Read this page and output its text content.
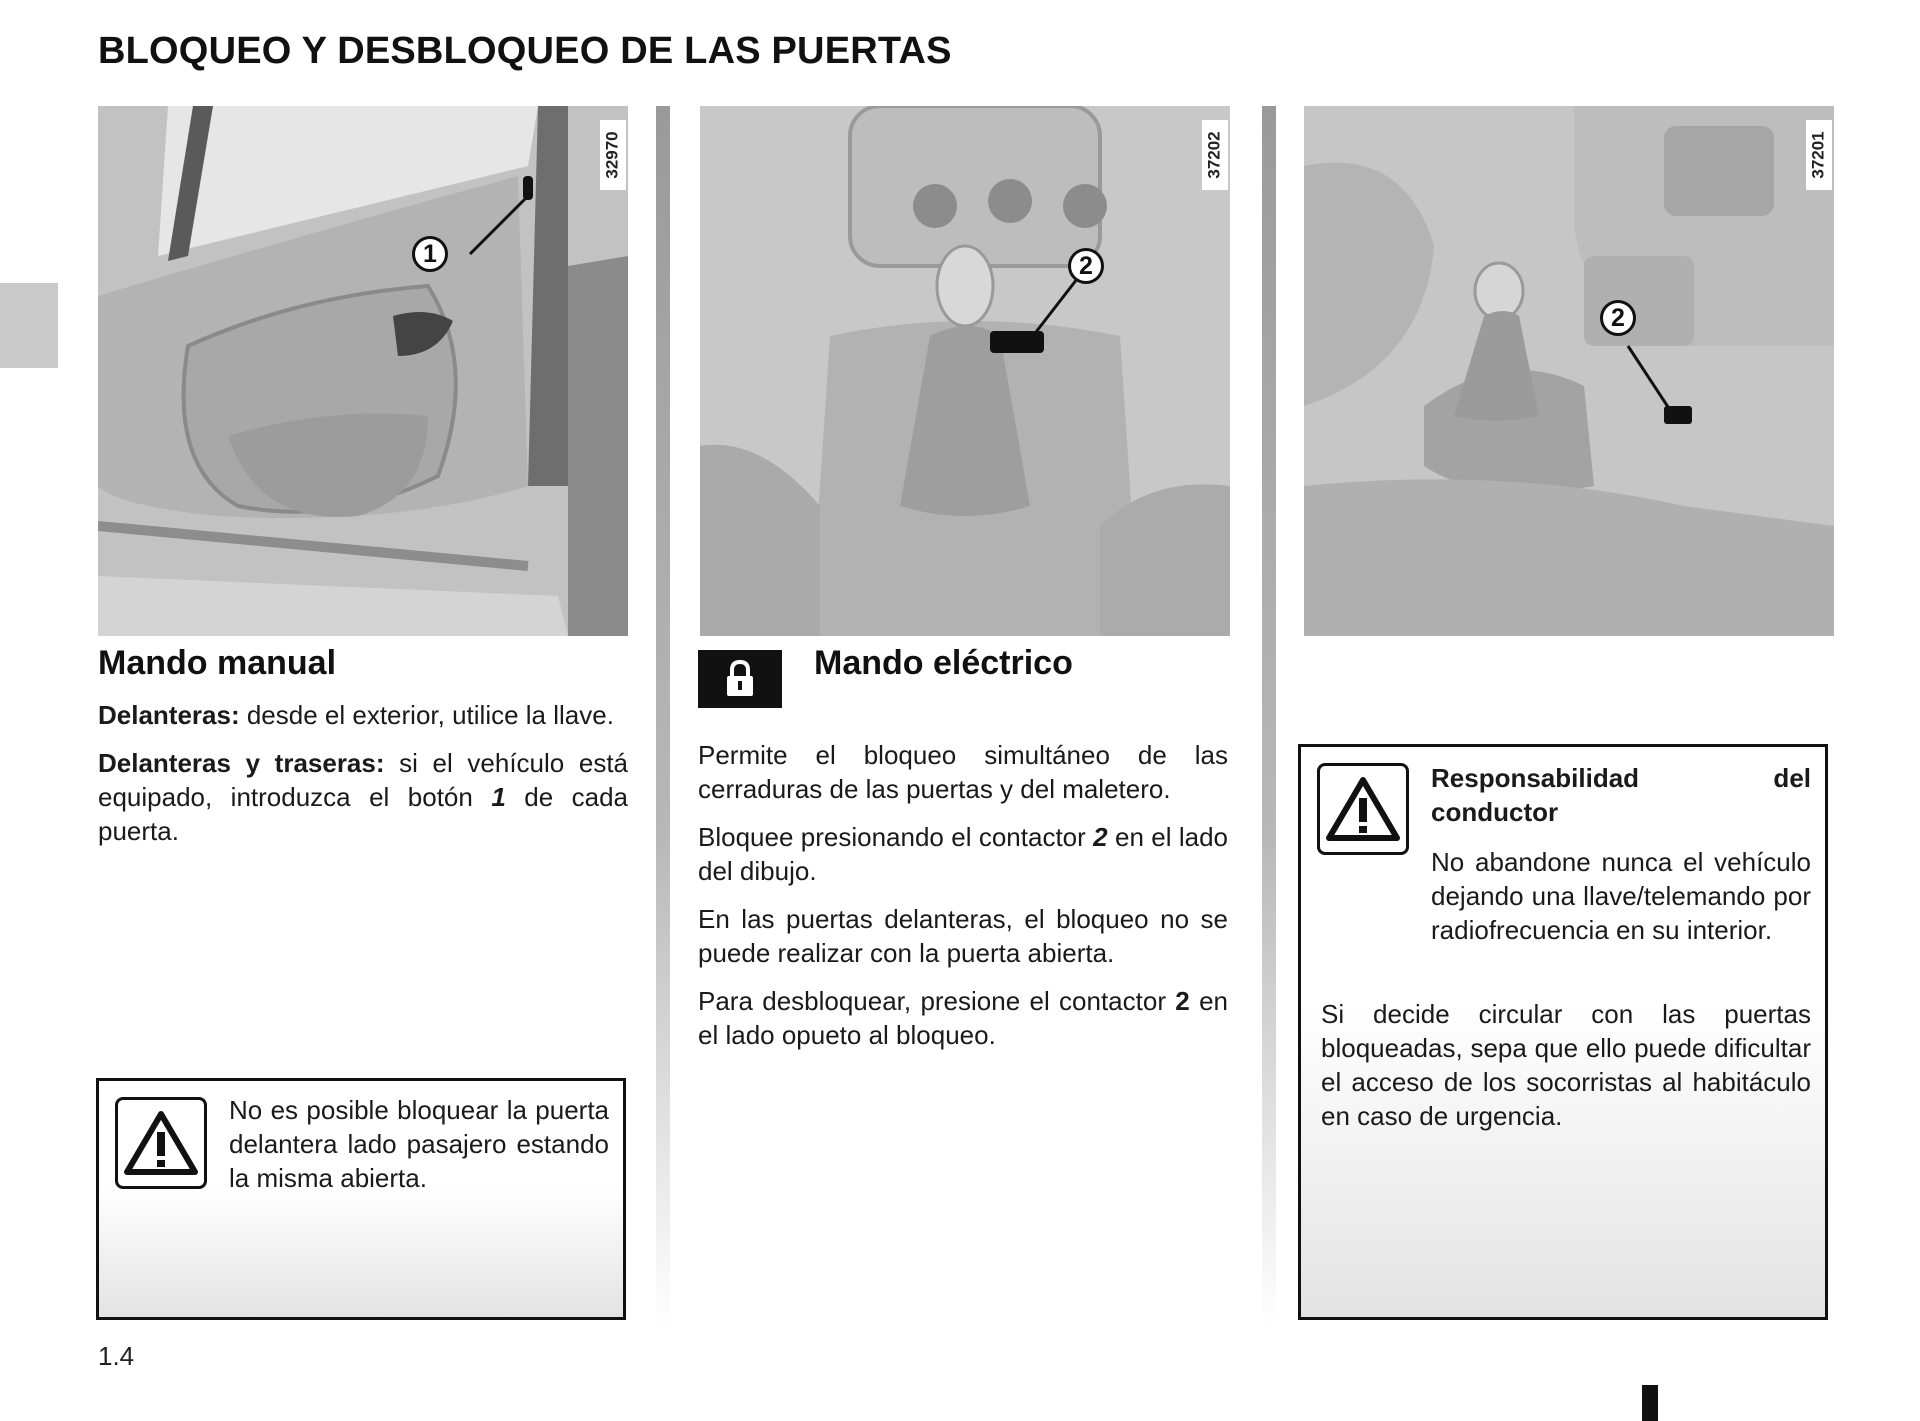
BLOQUEO Y DESBLOQUEO DE LAS PUERTAS
1
32970
2
37202
2
37201
Mando manual

Delanteras: desde el exterior, utilice la llave.

Delanteras y traseras: si el vehículo está equipado, introduzca el botón 1 de cada puerta.

Mando eléctrico

Permite el bloqueo simultáneo de las cerraduras de las puertas y del maletero.

Bloquee presionando el contactor 2 en el lado del dibujo.

En las puertas delanteras, el bloqueo no se puede realizar con la puerta abierta.

Para desbloquear, presione el contactor 2 en el lado opueto al bloqueo.

No es posible bloquear la puerta delantera lado pasajero estando la misma abierta.
Responsabilidad del conductor
No abandone nunca el vehículo dejando una llave/telemando por radiofrecuencia en su interior.
Si decide circular con las puertas bloqueadas, sepa que ello puede dificultar el acceso de los socorristas al habitáculo en caso de urgencia.
1.4
